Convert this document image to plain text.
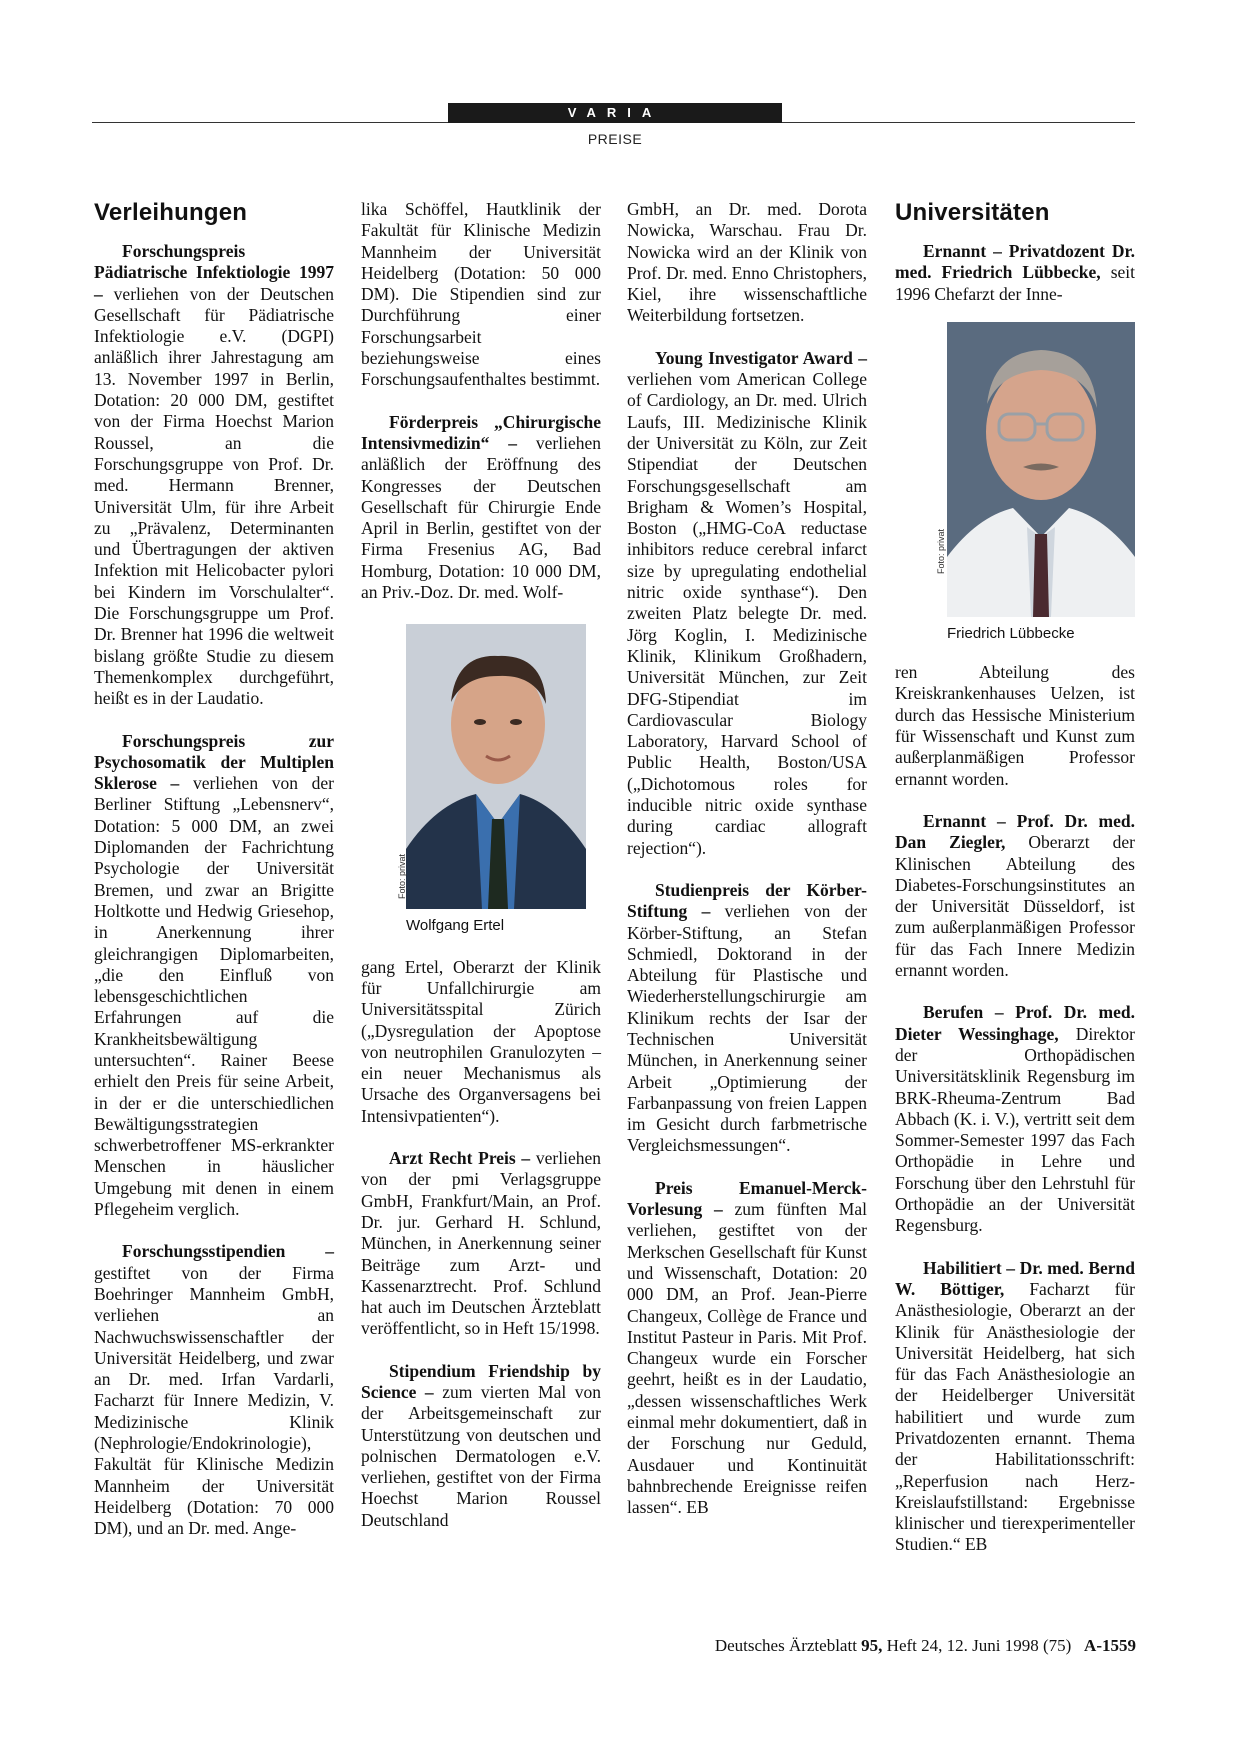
VARIA
PREISE
Verleihungen

Forschungspreis Pädiatrische Infektiologie 1997 – verliehen von der Deutschen Gesellschaft für Pädiatrische Infektiologie e.V. (DGPI) anläßlich ihrer Jahrestagung am 13. November 1997 in Berlin, Dotation: 20 000 DM, gestiftet von der Firma Hoechst Marion Roussel, an die Forschungsgruppe von Prof. Dr. med. Hermann Brenner, Universität Ulm, für ihre Arbeit zu „Prävalenz, Determinanten und Übertragungen der aktiven Infektion mit Helicobacter pylori bei Kindern im Vorschulalter“. Die Forschungsgruppe um Prof. Dr. Brenner hat 1996 die weltweit bislang größte Studie zu diesem Themenkomplex durchgeführt, heißt es in der Laudatio.

Forschungspreis zur Psychosomatik der Multiplen Sklerose – verliehen von der Berliner Stiftung „Lebensnerv“, Dotation: 5 000 DM, an zwei Diplomanden der Fachrichtung Psychologie der Universität Bremen, und zwar an Brigitte Holtkotte und Hedwig Griesehop, in Anerkennung ihrer gleichrangigen Diplomarbeiten, „die den Einfluß von lebensgeschichtlichen Erfahrungen auf die Krankheitsbewältigung untersuchten“. Rainer Beese erhielt den Preis für seine Arbeit, in der er die unterschiedlichen Bewältigungsstrategien schwerbetroffener MS-erkrankter Menschen in häuslicher Umgebung mit denen in einem Pflegeheim verglich.

Forschungsstipendien – gestiftet von der Firma Boehringer Mannheim GmbH, verliehen an Nachwuchswissenschaftler der Universität Heidelberg, und zwar an Dr. med. Irfan Vardarli, Facharzt für Innere Medizin, V. Medizinische Klinik (Nephrologie/Endokrinologie), Fakultät für Klinische Medizin Mannheim der Universität Heidelberg (Dotation: 70 000 DM), und an Dr. med. Ange-

lika Schöffel, Hautklinik der Fakultät für Klinische Medizin Mannheim der Universität Heidelberg (Dotation: 50 000 DM). Die Stipendien sind zur Durchführung einer Forschungsarbeit beziehungsweise eines Forschungsaufenthaltes bestimmt.

Förderpreis „Chirurgische Intensivmedizin“ – verliehen anläßlich der Eröffnung des Kongresses der Deutschen Gesellschaft für Chirurgie Ende April in Berlin, gestiftet von der Firma Fresenius AG, Bad Homburg, Dotation: 10 000 DM, an Priv.-Doz. Dr. med. Wolf-

Foto: privat
Wolfgang Ertel

gang Ertel, Oberarzt der Klinik für Unfallchirurgie am Universitätsspital Zürich („Dysregulation der Apoptose von neutrophilen Granulozyten – ein neuer Mechanismus als Ursache des Organversagens bei Intensivpatienten“).

Arzt Recht Preis – verliehen von der pmi Verlagsgruppe GmbH, Frankfurt/Main, an Prof. Dr. jur. Gerhard H. Schlund, München, in Anerkennung seiner Beiträge zum Arzt- und Kassenarztrecht. Prof. Schlund hat auch im Deutschen Ärzteblatt veröffentlicht, so in Heft 15/1998.

Stipendium Friendship by Science – zum vierten Mal von der Arbeitsgemeinschaft zur Unterstützung von deutschen und polnischen Dermatologen e.V. verliehen, gestiftet von der Firma Hoechst Marion Roussel Deutschland

GmbH, an Dr. med. Dorota Nowicka, Warschau. Frau Dr. Nowicka wird an der Klinik von Prof. Dr. med. Enno Christophers, Kiel, ihre wissenschaftliche Weiterbildung fortsetzen.

Young Investigator Award – verliehen vom American College of Cardiology, an Dr. med. Ulrich Laufs, III. Medizinische Klinik der Universität zu Köln, zur Zeit Stipendiat der Deutschen Forschungsgesellschaft am Brigham & Women’s Hospital, Boston („HMG-CoA reductase inhibitors reduce cerebral infarct size by upregulating endothelial nitric oxide synthase“). Den zweiten Platz belegte Dr. med. Jörg Koglin, I. Medizinische Klinik, Klinikum Großhadern, Universität München, zur Zeit DFG-Stipendiat im Cardiovascular Biology Laboratory, Harvard School of Public Health, Boston/USA („Dichotomous roles for inducible nitric oxide synthase during cardiac allograft rejection“).

Studienpreis der Körber-Stiftung – verliehen von der Körber-Stiftung, an Stefan Schmiedl, Doktorand in der Abteilung für Plastische und Wiederherstellungschirurgie am Klinikum rechts der Isar der Technischen Universität München, in Anerkennung seiner Arbeit „Optimierung der Farbanpassung von freien Lappen im Gesicht durch farbmetrische Vergleichsmessungen“.

Preis Emanuel-Merck-Vorlesung – zum fünften Mal verliehen, gestiftet von der Merkschen Gesellschaft für Kunst und Wissenschaft, Dotation: 20 000 DM, an Prof. Jean-Pierre Changeux, Collège de France und Institut Pasteur in Paris. Mit Prof. Changeux wurde ein Forscher geehrt, heißt es in der Laudatio, „dessen wissenschaftliches Werk einmal mehr dokumentiert, daß in der Forschung nur Geduld, Ausdauer und Kontinuität bahnbrechende Ereignisse reifen lassen“. EB

Universitäten

Ernannt – Privatdozent Dr. med. Friedrich Lübbecke, seit 1996 Chefarzt der Inne-

Foto: privat
Friedrich Lübbecke

ren Abteilung des Kreiskrankenhauses Uelzen, ist durch das Hessische Ministerium für Wissenschaft und Kunst zum außerplanmäßigen Professor ernannt worden.

Ernannt – Prof. Dr. med. Dan Ziegler, Oberarzt der Klinischen Abteilung des Diabetes-Forschungsinstitutes an der Universität Düsseldorf, ist zum außerplanmäßigen Professor für das Fach Innere Medizin ernannt worden.

Berufen – Prof. Dr. med. Dieter Wessinghage, Direktor der Orthopädischen Universitätsklinik Regensburg im BRK-Rheuma-Zentrum Bad Abbach (K. i. V.), vertritt seit dem Sommer-Semester 1997 das Fach Orthopädie in Lehre und Forschung über den Lehrstuhl für Orthopädie an der Universität Regensburg.

Habilitiert – Dr. med. Bernd W. Böttiger, Facharzt für Anästhesiologie, Oberarzt an der Klinik für Anästhesiologie der Universität Heidelberg, hat sich für das Fach Anästhesiologie an der Heidelberger Universität habilitiert und wurde zum Privatdozenten ernannt. Thema der Habilitationsschrift: „Reperfusion nach Herz-Kreislaufstillstand: Ergebnisse klinischer und tierexperimenteller Studien.“ EB

Deutsches Ärzteblatt 95, Heft 24, 12. Juni 1998 (75) A-1559
